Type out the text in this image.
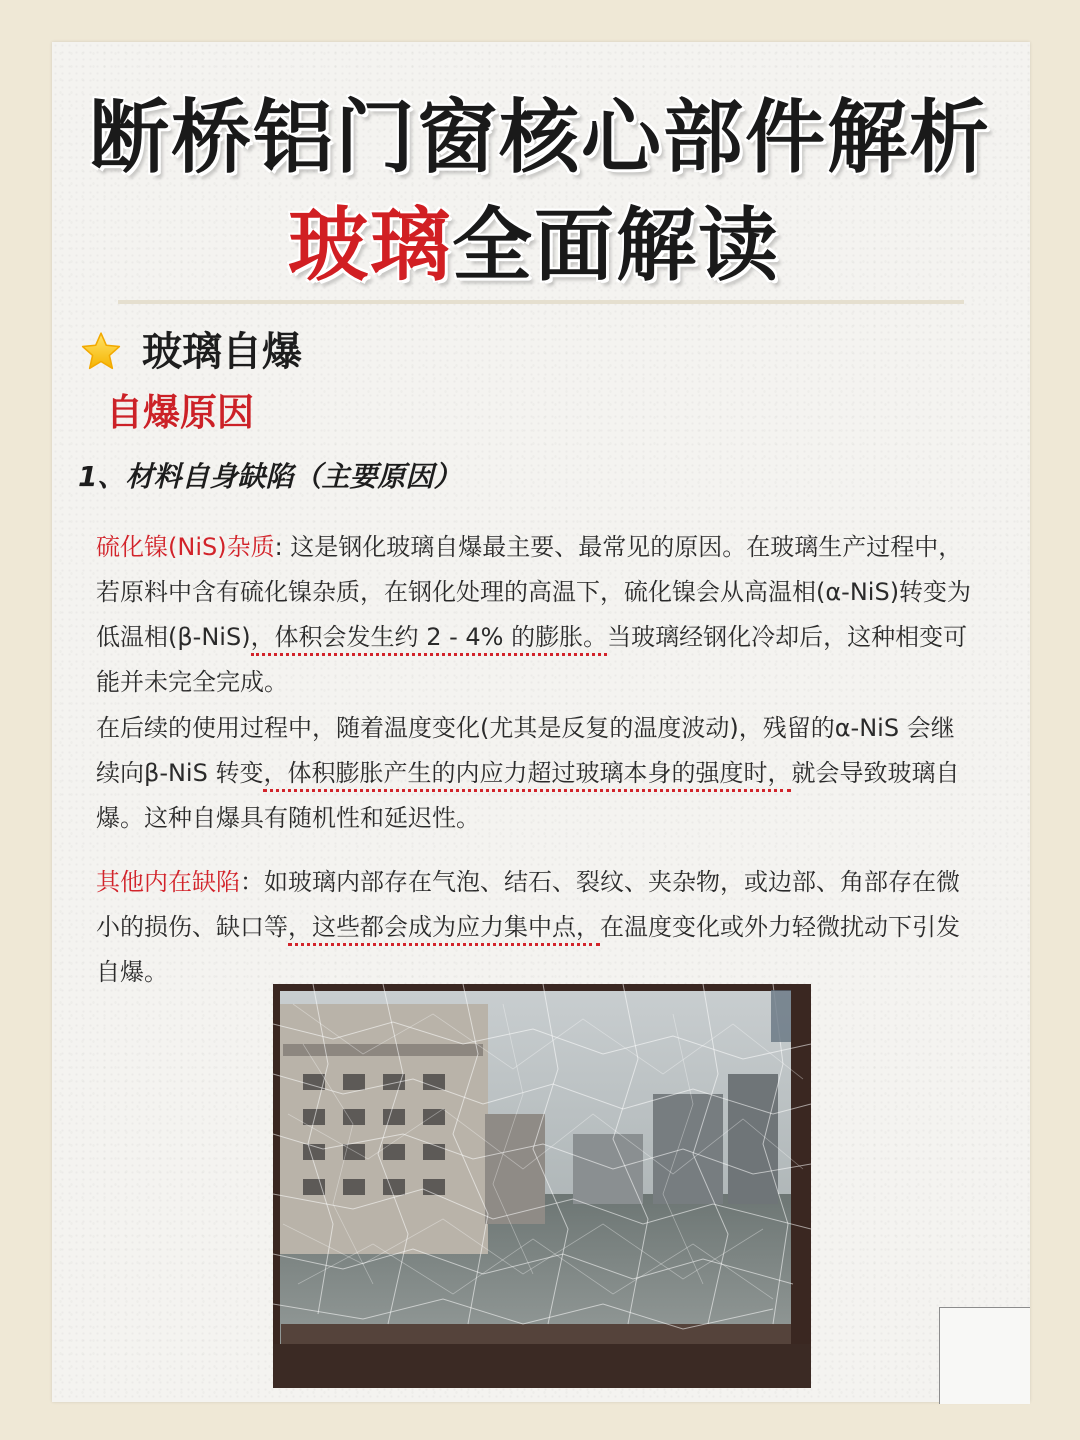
断桥铝门窗核心部件解析
玻璃全面解读
玻璃自爆
自爆原因
1、材料自身缺陷（主要原因）
硫化镍(NiS)杂质: 这是钢化玻璃自爆最主要、最常见的原因。在玻璃生产过程中，若原料中含有硫化镍杂质，在钢化处理的高温下，硫化镍会从高温相(α-NiS)转变为低温相(β-NiS)，体积会发生约 2 - 4% 的膨胀。当玻璃经钢化冷却后，这种相变可能并未完全完成。
在后续的使用过程中，随着温度变化(尤其是反复的温度波动)，残留的α-NiS 会继续向β-NiS 转变，体积膨胀产生的内应力超过玻璃本身的强度时，就会导致玻璃自爆。这种自爆具有随机性和延迟性。
其他内在缺陷：如玻璃内部存在气泡、结石、裂纹、夹杂物，或边部、角部存在微小的损伤、缺口等，这些都会成为应力集中点，在温度变化或外力轻微扰动下引发自爆。
